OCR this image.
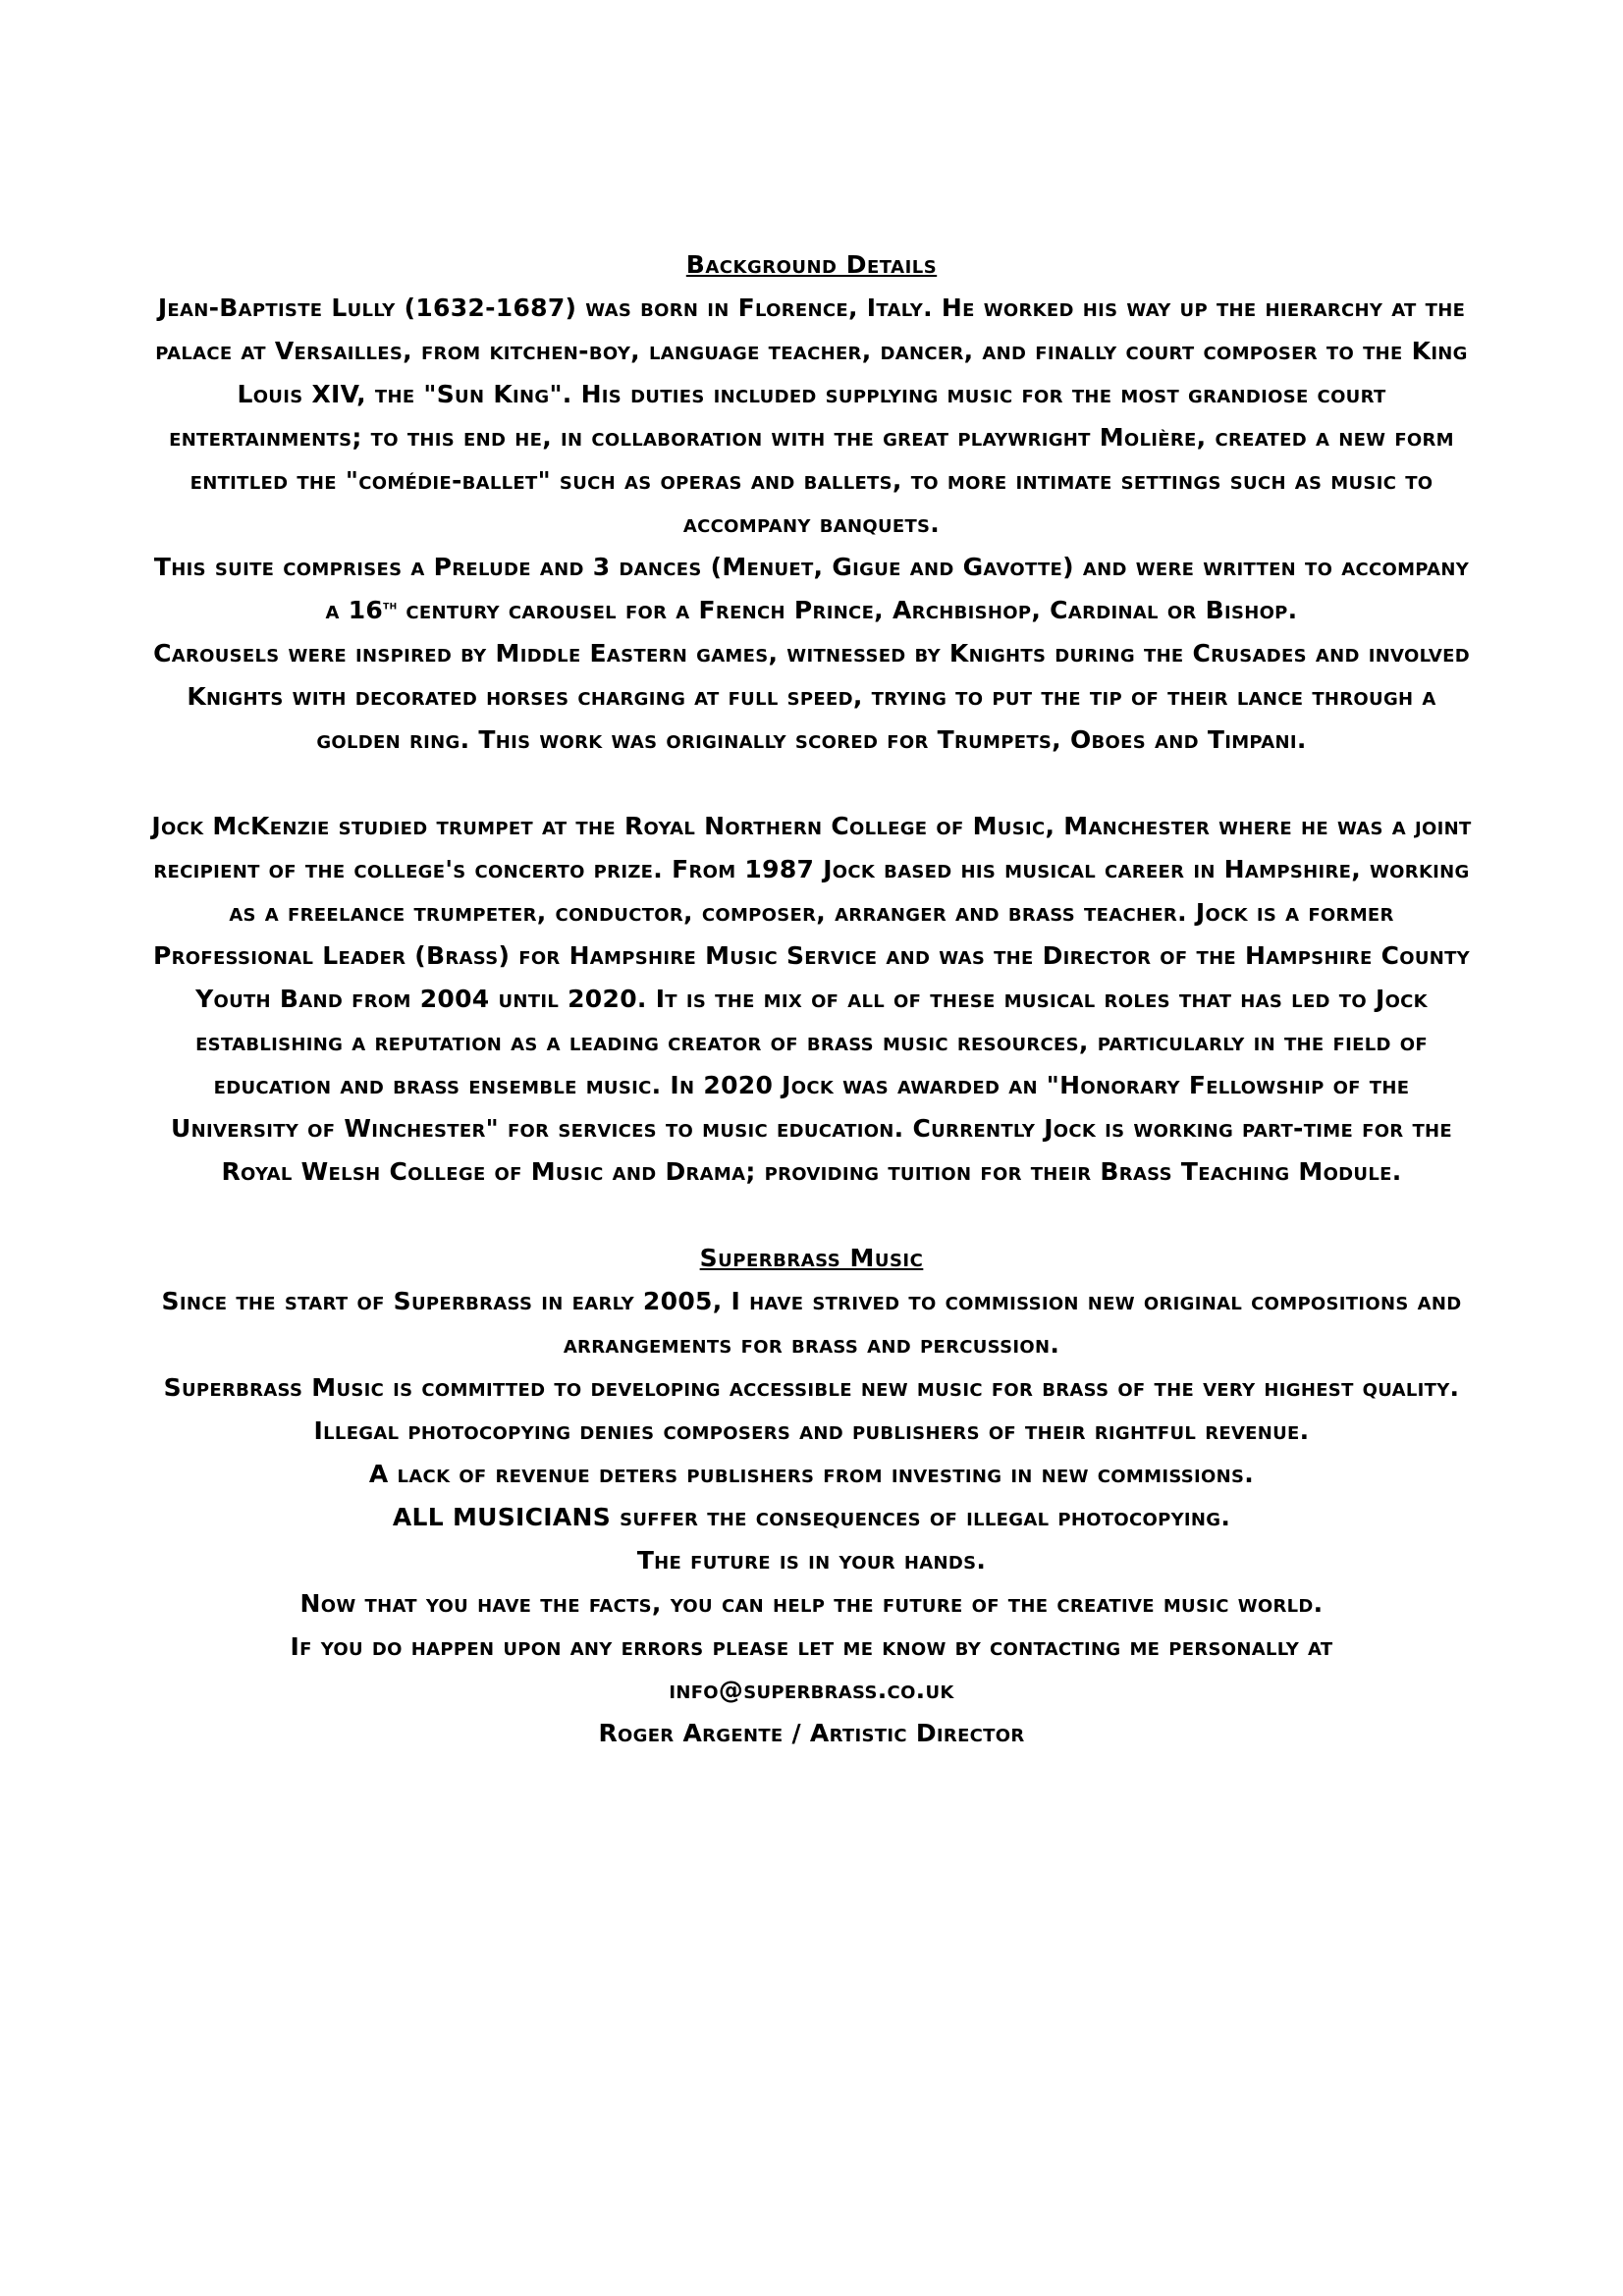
Background Details

Jean-Baptiste Lully (1632-1687) was born in Florence, Italy. He worked his way up the hierarchy at the palace at Versailles, from kitchen-boy, language teacher, dancer, and finally court composer to the King Louis XIV, the "Sun King". His duties included supplying music for the most grandiose court entertainments; to this end he, in collaboration with the great playwright Molière, created a new form entitled the "comédie-ballet" such as operas and ballets, to more intimate settings such as music to accompany banquets.

This suite comprises a Prelude and 3 dances (Menuet, Gigue and Gavotte) and were written to accompany a 16th century carousel for a French Prince, Archbishop, Cardinal or Bishop.

Carousels were inspired by Middle Eastern games, witnessed by Knights during the Crusades and involved Knights with decorated horses charging at full speed, trying to put the tip of their lance through a golden ring. This work was originally scored for Trumpets, Oboes and Timpani.

Jock McKenzie studied trumpet at the Royal Northern College of Music, Manchester where he was a joint recipient of the college's concerto prize. From 1987 Jock based his musical career in Hampshire, working as a freelance trumpeter, conductor, composer, arranger and brass teacher. Jock is a former Professional Leader (Brass) for Hampshire Music Service and was the Director of the Hampshire County Youth Band from 2004 until 2020. It is the mix of all of these musical roles that has led to Jock establishing a reputation as a leading creator of brass music resources, particularly in the field of education and brass ensemble music. In 2020 Jock was awarded an "Honorary Fellowship of the University of Winchester" for services to music education. Currently Jock is working part-time for the Royal Welsh College of Music and Drama; providing tuition for their Brass Teaching Module.

Superbrass Music

Since the start of Superbrass in early 2005, I have strived to commission new original compositions and arrangements for brass and percussion.

Superbrass Music is committed to developing accessible new music for brass of the very highest quality.

Illegal photocopying denies composers and publishers of their rightful revenue.

A lack of revenue deters publishers from investing in new commissions.

ALL MUSICIANS suffer the consequences of illegal photocopying.

The future is in your hands.

Now that you have the facts, you can help the future of the creative music world.

If you do happen upon any errors please let me know by contacting me personally at

info@superbrass.co.uk

Roger Argente / Artistic Director
